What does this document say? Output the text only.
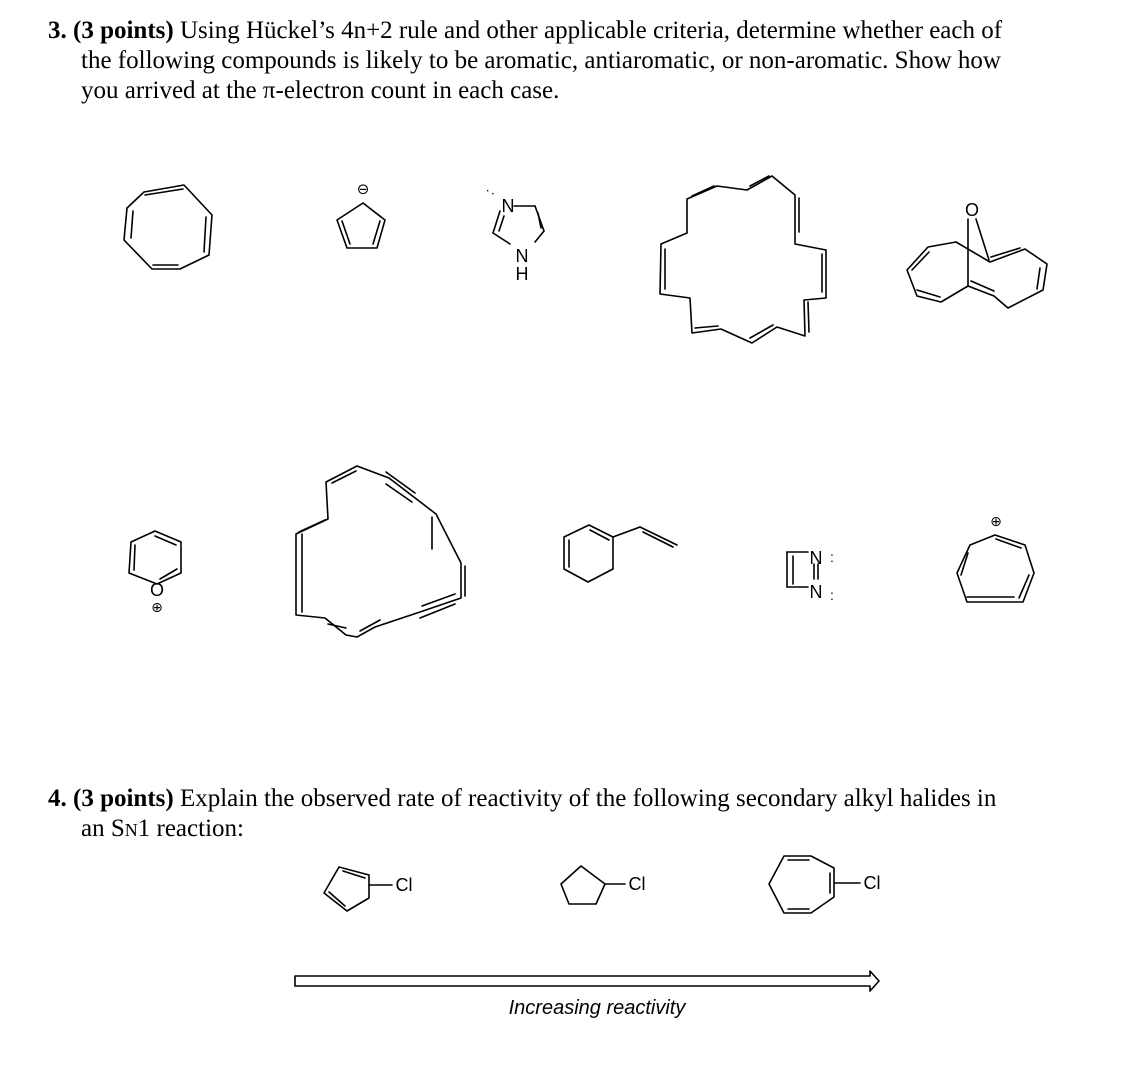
3. (3 points) Using Hückel’s 4n+2 rule and other applicable criteria, determine whether each of
the following compounds is likely to be aromatic, antiaromatic, or non-aromatic. Show how
you arrived at the π-electron count in each case.
4. (3 points) Explain the observed rate of reactivity of the following secondary alkyl halides in
an Sn1 reaction:
⊖
N
:
N
H
O
O
⊕
N
N
:
:
⊕
Cl	Cl	Cl
Increasing reactivity
